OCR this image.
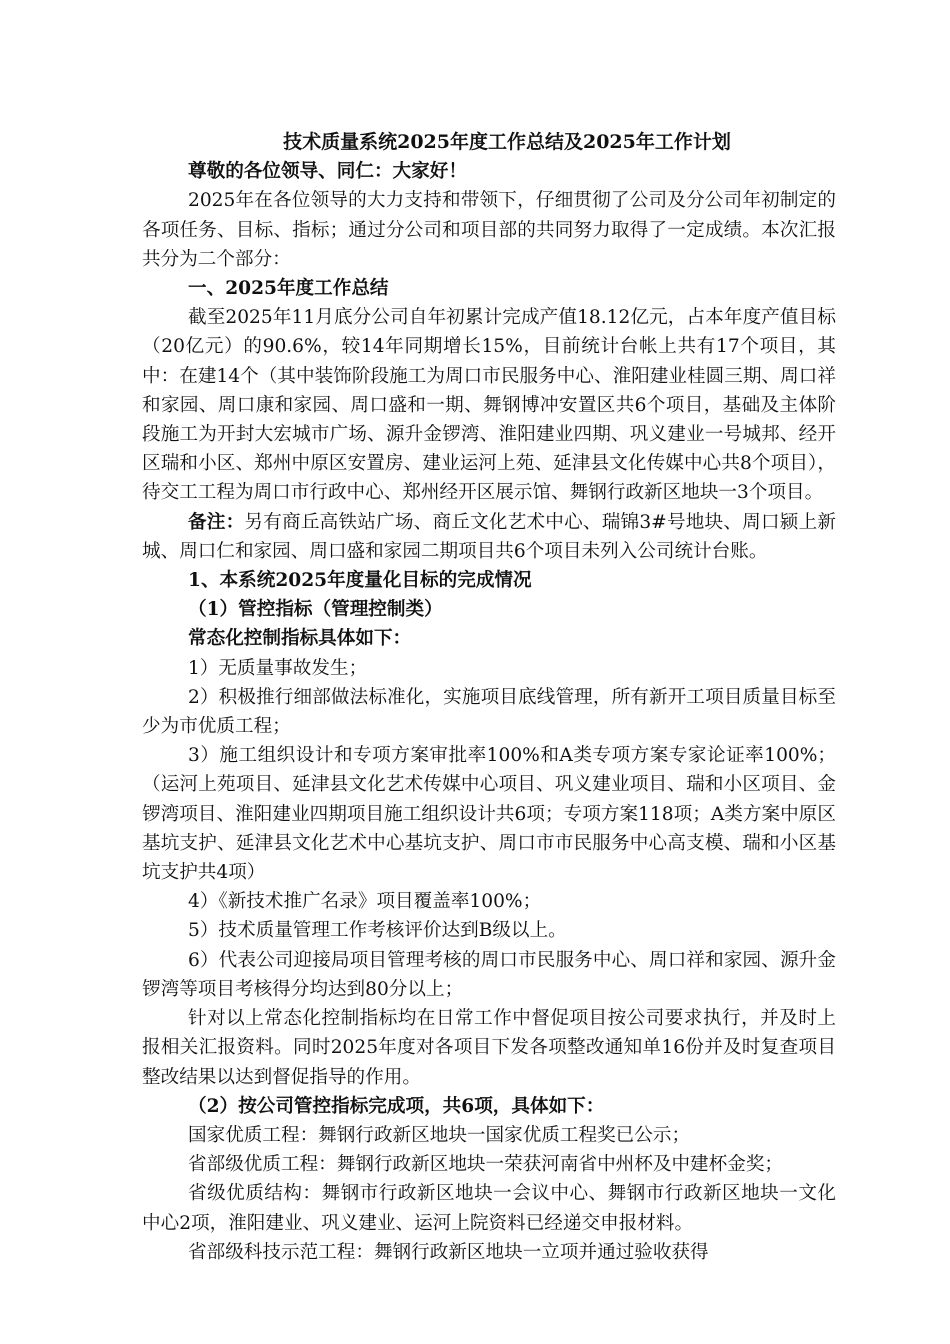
技术质量系统2025年度工作总结及2025年工作计划

尊敬的各位领导、同仁：大家好！

2025年在各位领导的大力支持和带领下，仔细贯彻了公司及分公司年初制定的各项任务、目标、指标；通过分公司和项目部的共同努力取得了一定成绩。本次汇报共分为二个部分：

一、2025年度工作总结

截至2025年11月底分公司自年初累计完成产值18.12亿元，占本年度产值目标（20亿元）的90.6%，较14年同期增长15%，目前统计台帐上共有17个项目，其中：在建14个（其中装饰阶段施工为周口市民服务中心、淮阳建业桂圆三期、周口祥和家园、周口康和家园、周口盛和一期、舞钢博冲安置区共6个项目，基础及主体阶段施工为开封大宏城市广场、源升金锣湾、淮阳建业四期、巩义建业一号城邦、经开区瑞和小区、郑州中原区安置房、建业运河上苑、延津县文化传媒中心共8个项目），待交工工程为周口市行政中心、郑州经开区展示馆、舞钢行政新区地块一3个项目。

备注：另有商丘高铁站广场、商丘文化艺术中心、瑞锦3#号地块、周口颍上新城、周口仁和家园、周口盛和家园二期项目共6个项目未列入公司统计台账。

1、本系统2025年度量化目标的完成情况

（1）管控指标（管理控制类）

常态化控制指标具体如下：

1）无质量事故发生；

2）积极推行细部做法标准化，实施项目底线管理，所有新开工项目质量目标至少为市优质工程；

3）施工组织设计和专项方案审批率100%和A类专项方案专家论证率100%；（运河上苑项目、延津县文化艺术传媒中心项目、巩义建业项目、瑞和小区项目、金锣湾项目、淮阳建业四期项目施工组织设计共6项；专项方案118项；A类方案中原区基坑支护、延津县文化艺术中心基坑支护、周口市市民服务中心高支模、瑞和小区基坑支护共4项）

4）《新技术推广名录》项目覆盖率100%；

5）技术质量管理工作考核评价达到B级以上。

6）代表公司迎接局项目管理考核的周口市民服务中心、周口祥和家园、源升金锣湾等项目考核得分均达到80分以上；

针对以上常态化控制指标均在日常工作中督促项目按公司要求执行，并及时上报相关汇报资料。同时2025年度对各项目下发各项整改通知单16份并及时复查项目整改结果以达到督促指导的作用。

（2）按公司管控指标完成项，共6项，具体如下：

国家优质工程：舞钢行政新区地块一国家优质工程奖已公示；

省部级优质工程：舞钢行政新区地块一荣获河南省中州杯及中建杯金奖；

省级优质结构：舞钢市行政新区地块一会议中心、舞钢市行政新区地块一文化中心2项，淮阳建业、巩义建业、运河上院资料已经递交申报材料。

省部级科技示范工程：舞钢行政新区地块一立项并通过验收获得
